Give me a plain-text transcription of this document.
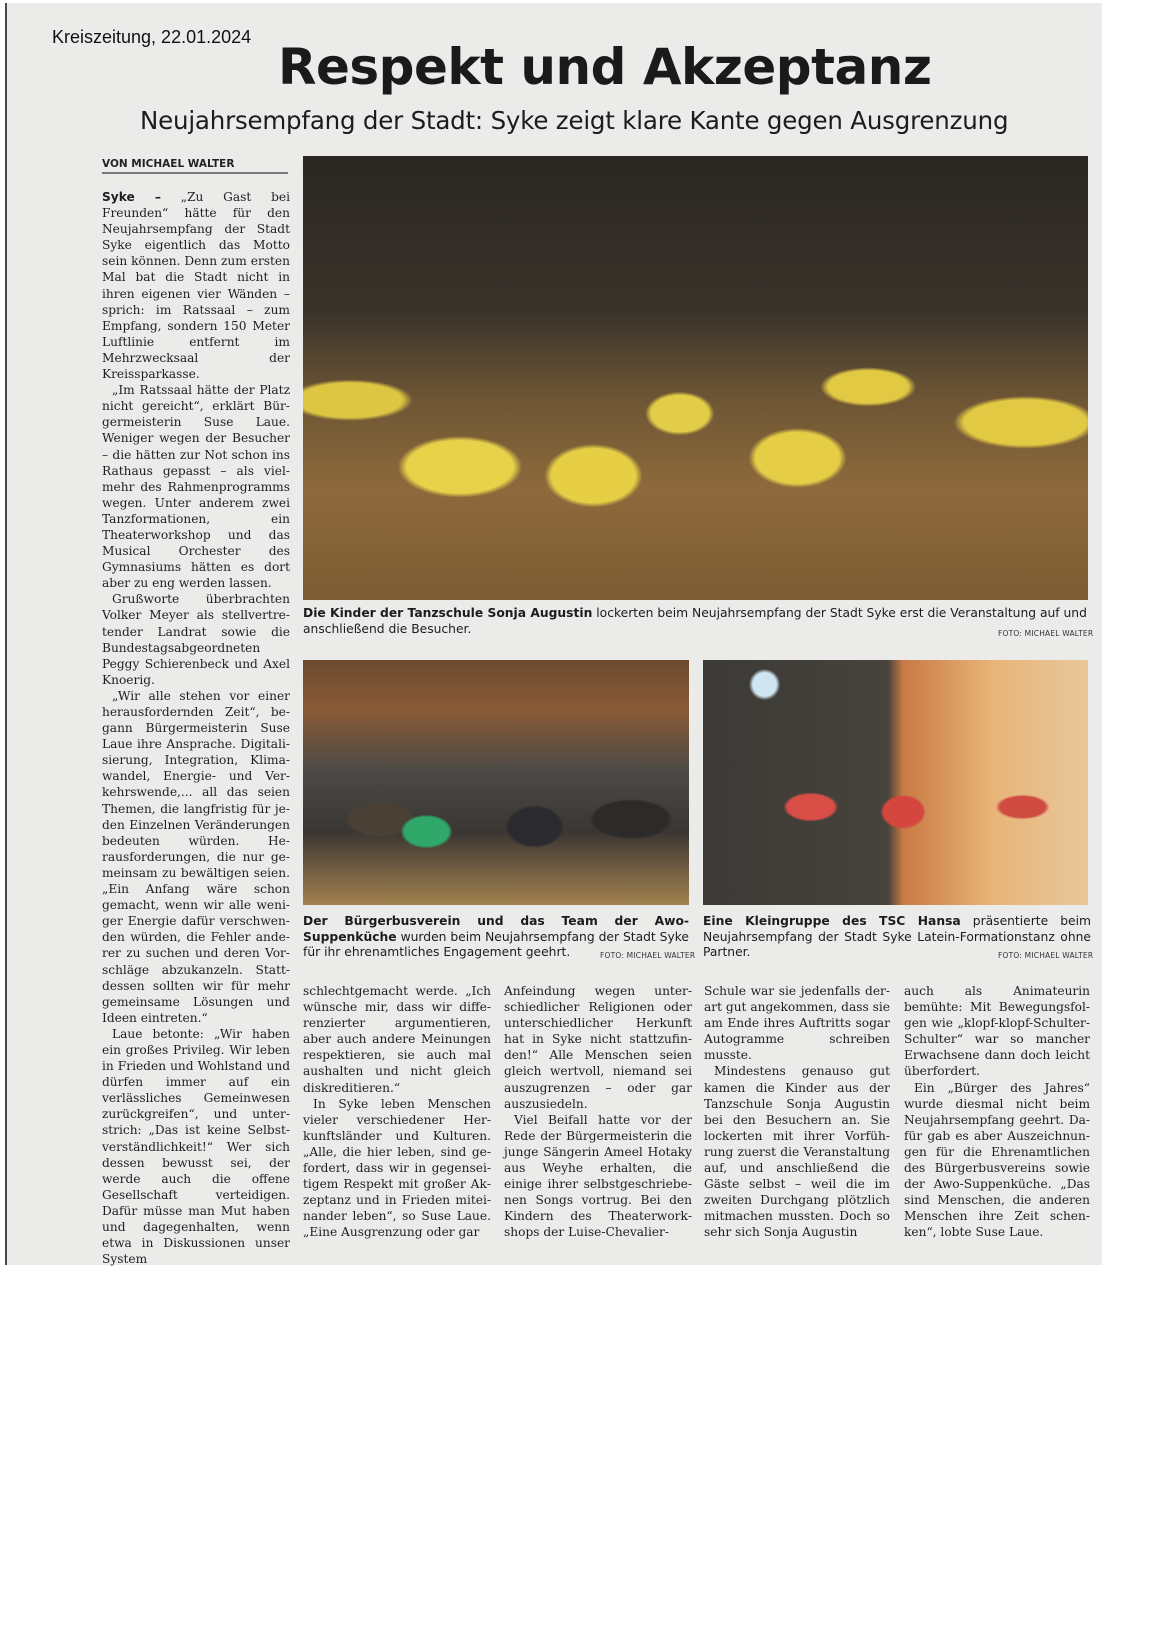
Kreiszeitung, 22.01.2024
Respekt und Akzeptanz
Neujahrsempfang der Stadt: Syke zeigt klare Kante gegen Ausgrenzung
VON MICHAEL WALTER

Syke – „Zu Gast bei Freunden“ hätte für den Neujahrsempfang der Stadt Syke eigentlich das Motto sein können. Denn zum ersten Mal bat die Stadt nicht in ihren eigenen vier Wänden – sprich: im Ratssaal – zum Empfang, sondern 150 Meter Luftlinie entfernt im Mehrzwecksaal der Kreissparkasse.

„Im Ratssaal hätte der Platz nicht gereicht“, erklärt Bürgermeisterin Suse Laue. Weniger wegen der Besucher – die hätten zur Not schon ins Rathaus gepasst – als vielmehr des Rahmenprogramms wegen. Unter anderem zwei Tanzformationen, ein Theaterworkshop und das Musical Orchester des Gymnasiums hätten es dort aber zu eng werden lassen.

Grußworte überbrachten Volker Meyer als stellvertretender Landrat sowie die Bundestagsabgeordneten Peggy Schierenbeck und Axel Knoerig.

„Wir alle stehen vor einer herausfordernden Zeit“, begann Bürgermeisterin Suse Laue ihre Ansprache. Digitalisierung, Integration, Klimawandel, Energie- und Verkehrswende,... all das seien Themen, die langfristig für jeden Einzelnen Veränderungen bedeuten würden. Herausforderungen, die nur gemeinsam zu bewältigen seien. „Ein Anfang wäre schon gemacht, wenn wir alle weniger Energie dafür verschwenden würden, die Fehler anderer zu suchen und deren Vorschläge abzukanzeln. Stattdessen sollten wir für mehr gemeinsame Lösungen und Ideen eintreten.“

Laue betonte: „Wir haben ein großes Privileg. Wir leben in Frieden und Wohlstand und dürfen immer auf ein verlässliches Gemeinwesen zurückgreifen“, und unterstrich: „Das ist keine Selbstverständlichkeit!“ Wer sich dessen bewusst sei, der werde auch die offene Gesellschaft verteidigen. Dafür müsse man Mut haben und dagegenhalten, wenn etwa in Diskussionen unser System

Die Kinder der Tanzschule Sonja Augustin lockerten beim Neujahrsempfang der Stadt Syke erst die Veranstaltung auf und anschließend die Besucher.	FOTO: MICHAEL WALTER
Der Bürgerbusverein und das Team der Awo-Suppenküche wurden beim Neujahrsempfang der Stadt Syke für ihr ehrenamtliches Engagement geehrt.	FOTO: MICHAEL WALTER
Eine Kleingruppe des TSC Hansa präsentierte beim Neujahrsempfang der Stadt Syke Latein-Formationstanz ohne Partner.	FOTO: MICHAEL WALTER

schlechtgemacht werde. „Ich wünsche mir, dass wir differenzierter argumentieren, aber auch andere Meinungen respektieren, sie auch mal aushalten und nicht gleich diskreditieren.“

In Syke leben Menschen vieler verschiedener Herkunftsländer und Kulturen. „Alle, die hier leben, sind gefordert, dass wir in gegenseitigem Respekt mit großer Akzeptanz und in Frieden miteinander leben“, so Suse Laue. „Eine Ausgrenzung oder gar

Anfeindung wegen unterschiedlicher Religionen oder unterschiedlicher Herkunft hat in Syke nicht stattzufinden!“ Alle Menschen seien gleich wertvoll, niemand sei auszugrenzen – oder gar auszusiedeln.

Viel Beifall hatte vor der Rede der Bürgermeisterin die junge Sängerin Ameel Hotaky aus Weyhe erhalten, die einige ihrer selbstgeschriebenen Songs vortrug. Bei den Kindern des Theaterworkshops der Luise-Chevalier-

Schule war sie jedenfalls derart gut angekommen, dass sie am Ende ihres Auftritts sogar Autogramme schreiben musste.

Mindestens genauso gut kamen die Kinder aus der Tanzschule Sonja Augustin bei den Besuchern an. Sie lockerten mit ihrer Vorführung zuerst die Veranstaltung auf, und anschließend die Gäste selbst – weil die im zweiten Durchgang plötzlich mitmachen mussten. Doch so sehr sich Sonja Augustin

auch als Animateurin bemühte: Mit Bewegungsfolgen wie „klopf-klopf-Schulter-Schulter“ war so mancher Erwachsene dann doch leicht überfordert.

Ein „Bürger des Jahres“ wurde diesmal nicht beim Neujahrsempfang geehrt. Dafür gab es aber Auszeichnungen für die Ehrenamtlichen des Bürgerbusvereins sowie der Awo-Suppenküche. „Das sind Menschen, die anderen Menschen ihre Zeit schenken“, lobte Suse Laue.
